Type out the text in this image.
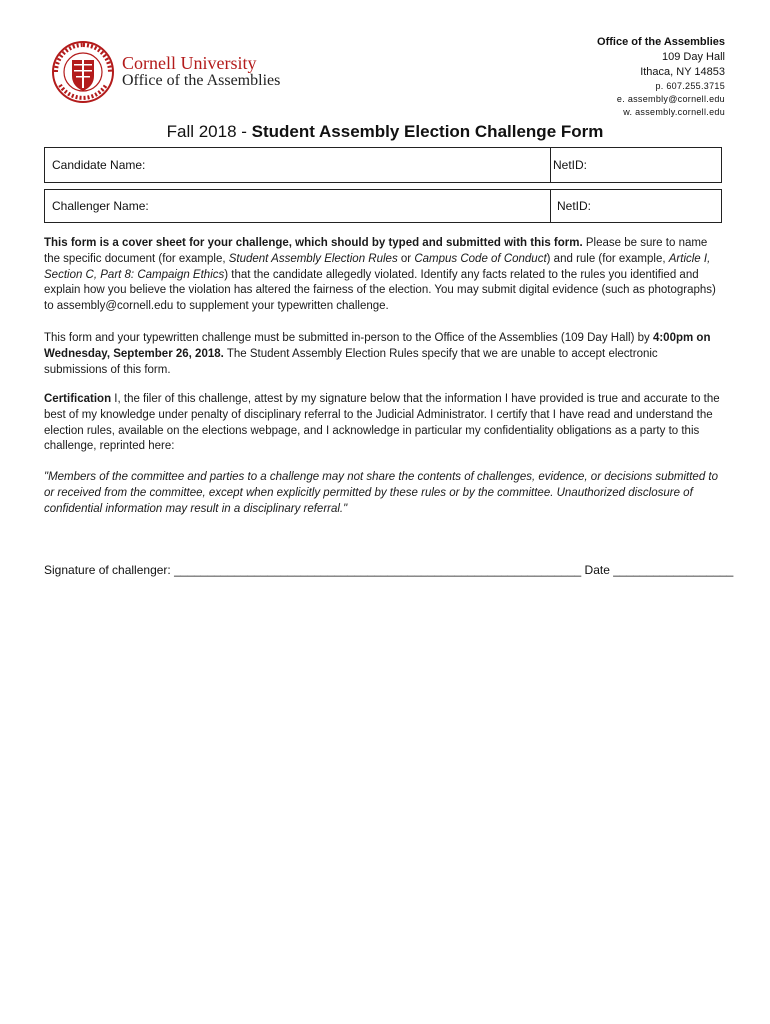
Cornell University
Office of the Assemblies
Office of the Assemblies
109 Day Hall
Ithaca, NY 14853
p. 607.255.3715
e. assembly@cornell.edu
w. assembly.cornell.edu
Fall 2018 - Student Assembly Election Challenge Form
Candidate Name:	NetID:
Challenger Name:	NetID:
This form is a cover sheet for your challenge, which should by typed and submitted with this form. Please be sure to name the specific document (for example, Student Assembly Election Rules or Campus Code of Conduct) and rule (for example, Article I, Section C, Part 8: Campaign Ethics) that the candidate allegedly violated. Identify any facts related to the rules you identified and explain how you believe the violation has altered the fairness of the election. You may submit digital evidence (such as photographs) to assembly@cornell.edu to supplement your typewritten challenge.
This form and your typewritten challenge must be submitted in-person to the Office of the Assemblies (109 Day Hall) by 4:00pm on Wednesday, September 26, 2018. The Student Assembly Election Rules specify that we are unable to accept electronic submissions of this form.
Certification I, the filer of this challenge, attest by my signature below that the information I have provided is true and accurate to the best of my knowledge under penalty of disciplinary referral to the Judicial Administrator. I certify that I have read and understand the election rules, available on the elections webpage, and I acknowledge in particular my confidentiality obligations as a party to this challenge, reprinted here:
"Members of the committee and parties to a challenge may not share the contents of challenges, evidence, or decisions submitted to or received from the committee, except when explicitly permitted by these rules or by the committee. Unauthorized disclosure of confidential information may result in a disciplinary referral."
Signature of challenger: _____________________________________________________________ Date __________________
